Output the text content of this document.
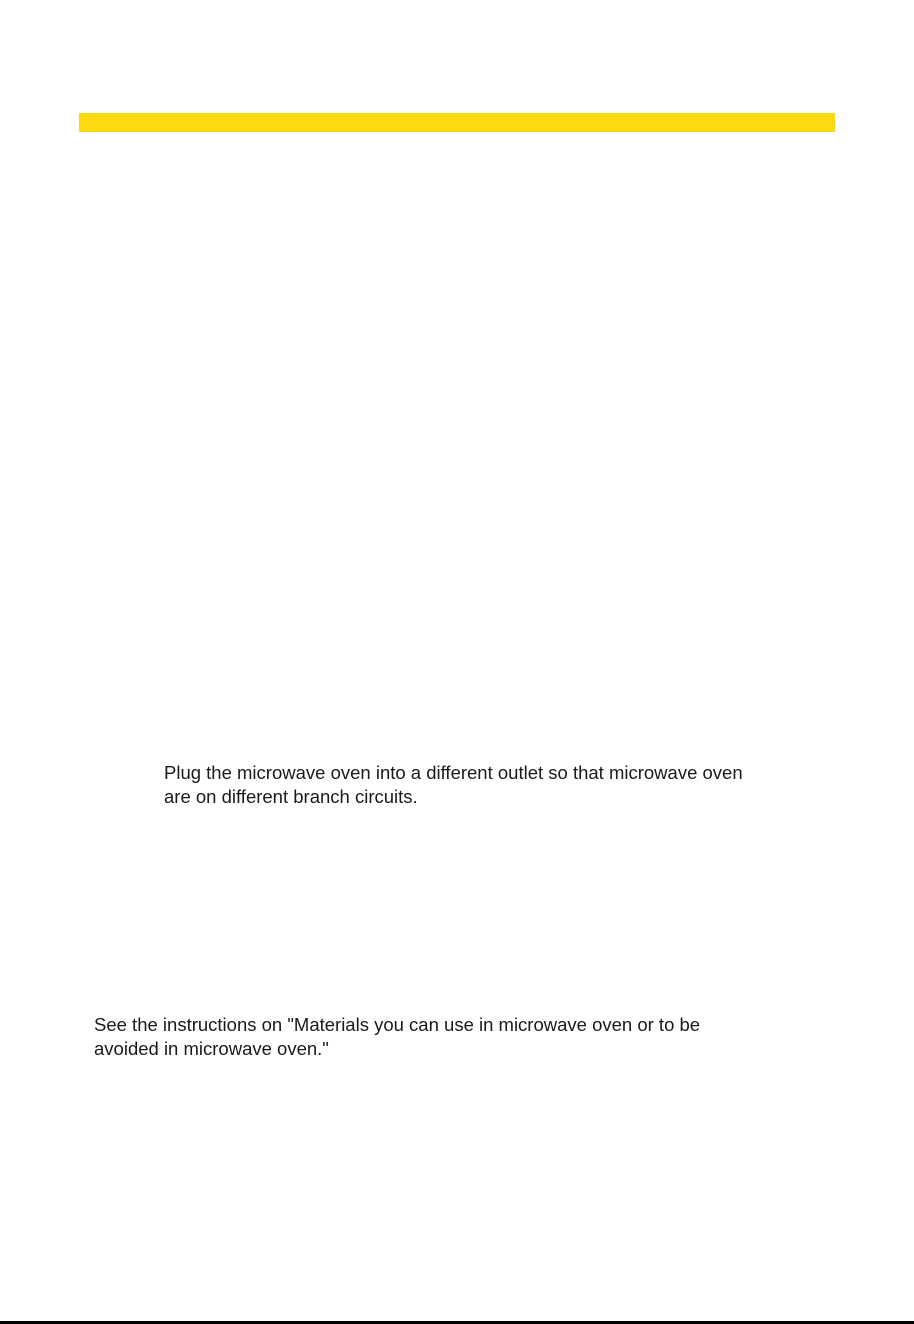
Plug the microwave oven into a different outlet so that microwave oven
are on different branch circuits.
See the instructions on "Materials you can use in microwave oven or to be
avoided in microwave oven."
